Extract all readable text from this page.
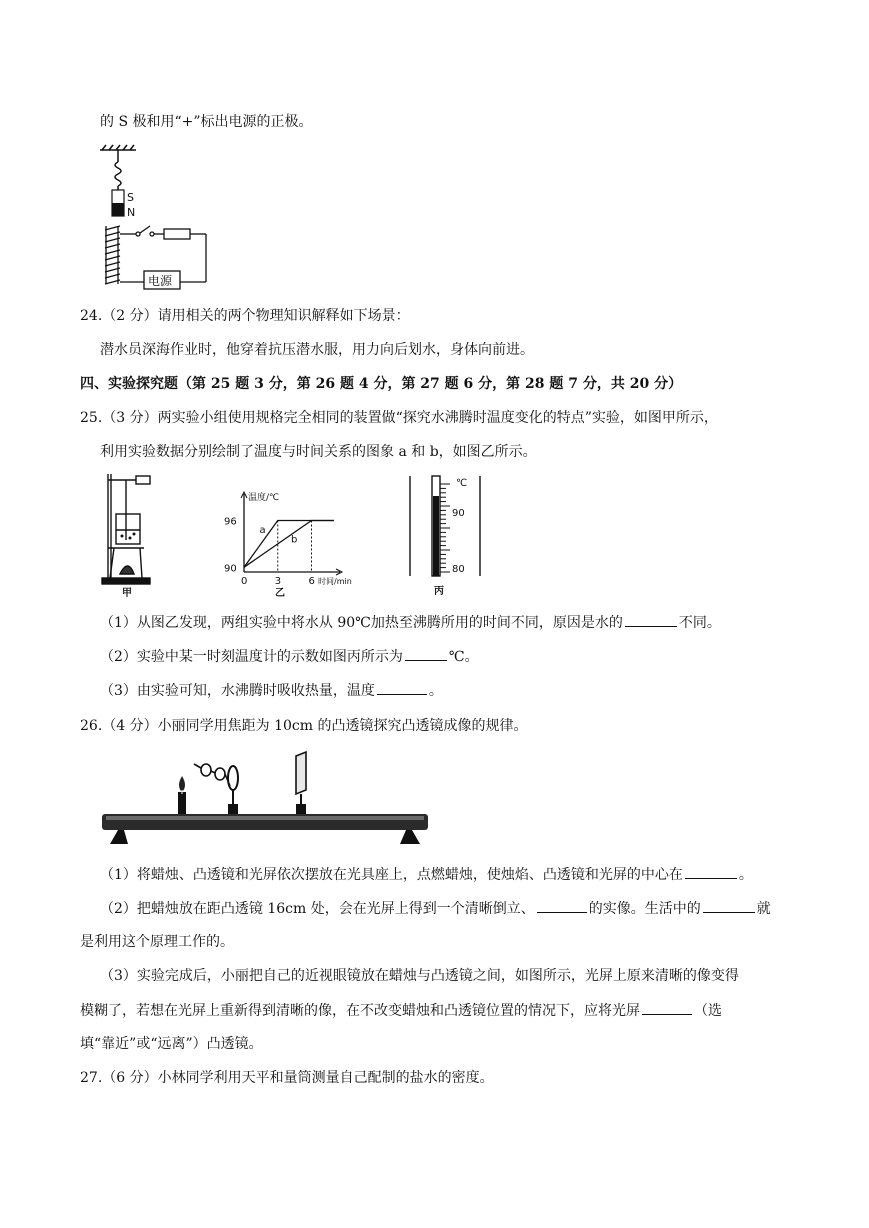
的 S 极和用“+”标出电源的正极。
S
N
电源
24.（2 分）请用相关的两个物理知识解释如下场景：
潜水员深海作业时，他穿着抗压潜水服，用力向后划水，身体向前进。
四、实验探究题（第 25 题 3 分，第 26 题 4 分，第 27 题 6 分，第 28 题 7 分，共 20 分）
25.（3 分）两实验小组使用规格完全相同的装置做“探究水沸腾时温度变化的特点”实验，如图甲所示，
利用实验数据分别绘制了温度与时间关系的图象 a 和 b，如图乙所示。
甲
温度/℃
时间/min
0	3	6
90
96
a
b
乙
℃
90
80
丙
（1）从图乙发现，两组实验中将水从 90℃加热至沸腾所用的时间不同，原因是水的	不同。
（2）实验中某一时刻温度计的示数如图丙所示为	℃。
（3）由实验可知，水沸腾时吸收热量，温度	。
26.（4 分）小丽同学用焦距为 10cm 的凸透镜探究凸透镜成像的规律。
（1）将蜡烛、凸透镜和光屏依次摆放在光具座上，点燃蜡烛，使烛焰、凸透镜和光屏的中心在	。
（2）把蜡烛放在距凸透镜 16cm 处，会在光屏上得到一个清晰倒立、	的实像。生活中的	就
是利用这个原理工作的。
（3）实验完成后，小丽把自己的近视眼镜放在蜡烛与凸透镜之间，如图所示，光屏上原来清晰的像变得
模糊了，若想在光屏上重新得到清晰的像，在不改变蜡烛和凸透镜位置的情况下，应将光屏	（选
填“靠近”或“远离”）凸透镜。
27.（6 分）小林同学利用天平和量筒测量自己配制的盐水的密度。
